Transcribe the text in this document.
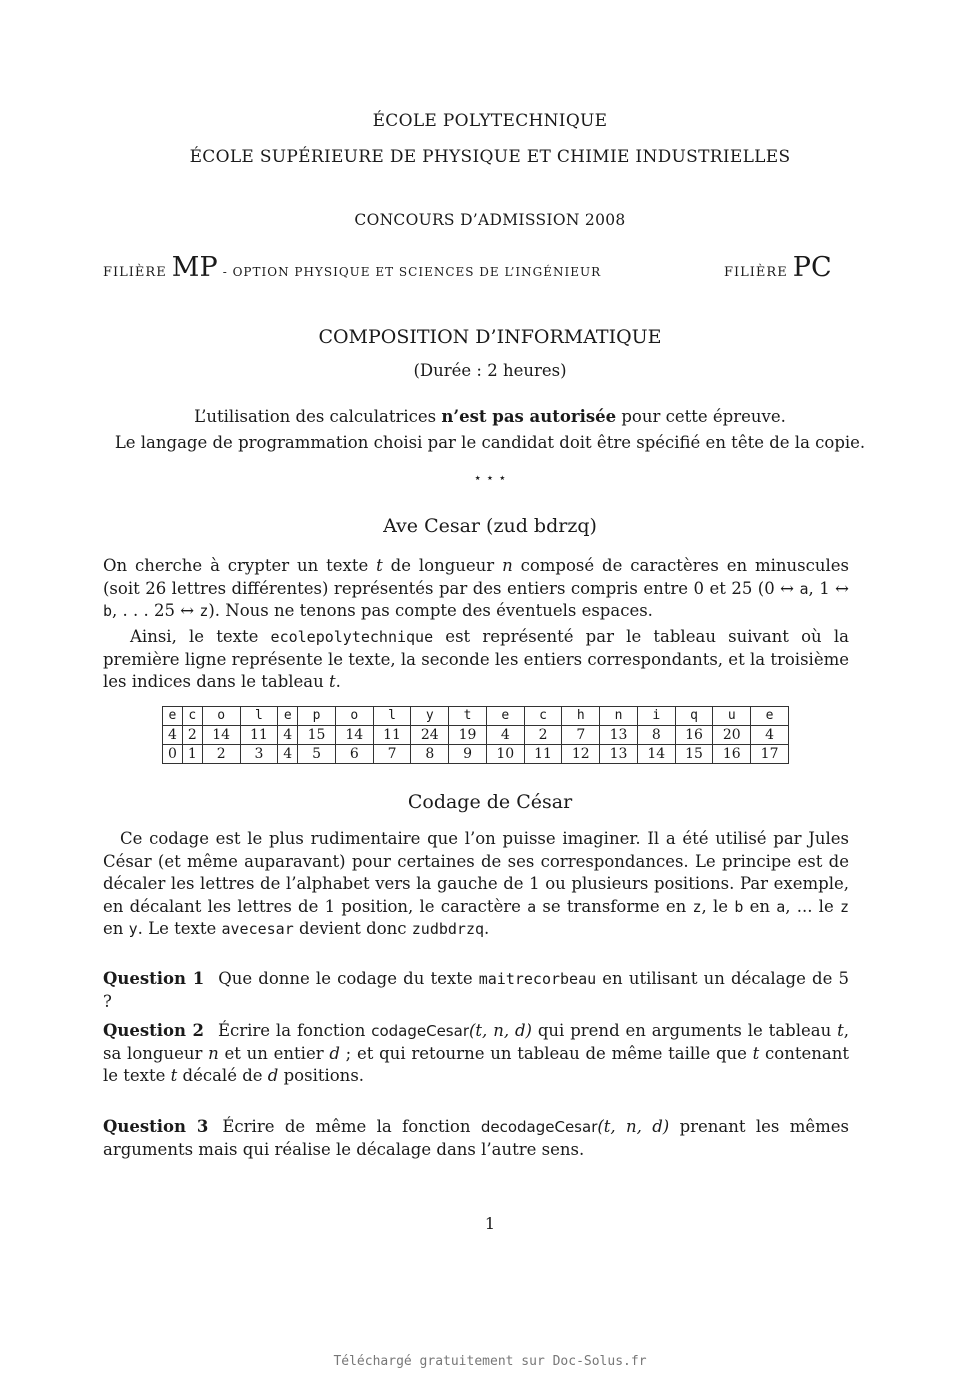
ÉCOLE POLYTECHNIQUE
ÉCOLE SUPÉRIEURE DE PHYSIQUE ET CHIMIE INDUSTRIELLES
CONCOURS D’ADMISSION 2008
FILIÈRE MP - OPTION PHYSIQUE ET SCIENCES DE L’INGÉNIEUR	FILIÈRE PC
COMPOSITION D’INFORMATIQUE
(Durée : 2 heures)
L’utilisation des calculatrices n’est pas autorisée pour cette épreuve.
Le langage de programmation choisi par le candidat doit être spécifié en tête de la copie.
⋆ ⋆ ⋆
Ave Cesar (zud bdrzq)
On cherche à crypter un texte t de longueur n composé de caractères en minuscules (soit 26 lettres différentes) représentés par des entiers compris entre 0 et 25 (0 ↔ a, 1 ↔ b, . . . 25 ↔ z). Nous ne tenons pas compte des éventuels espaces.
Ainsi, le texte ecolepolytechnique est représenté par le tableau suivant où la première ligne représente le texte, la seconde les entiers correspondants, et la troisième les indices dans le tableau t.
e	c	o	l	e	p	o	l	y	t	e	c	h	n	i	q	u	e
4	2	14	11	4	15	14	11	24	19	4	2	7	13	8	16	20	4
0	1	2	3	4	5	6	7	8	9	10	11	12	13	14	15	16	17
Codage de César
Ce codage est le plus rudimentaire que l’on puisse imaginer. Il a été utilisé par Jules César (et même auparavant) pour certaines de ses correspondances. Le principe est de décaler les lettres de l’alphabet vers la gauche de 1 ou plusieurs positions. Par exemple, en décalant les lettres de 1 position, le caractère a se transforme en z, le b en a, ... le z en y. Le texte avecesar devient donc zudbdrzq.
Question 1 Que donne le codage du texte maitrecorbeau en utilisant un décalage de 5 ?
Question 2 Écrire la fonction codageCesar(t, n, d) qui prend en arguments le tableau t, sa longueur n et un entier d ; et qui retourne un tableau de même taille que t contenant le texte t décalé de d positions.
Question 3 Écrire de même la fonction decodageCesar(t, n, d) prenant les mêmes arguments mais qui réalise le décalage dans l’autre sens.
1
Téléchargé gratuitement sur Doc-Solus.fr
